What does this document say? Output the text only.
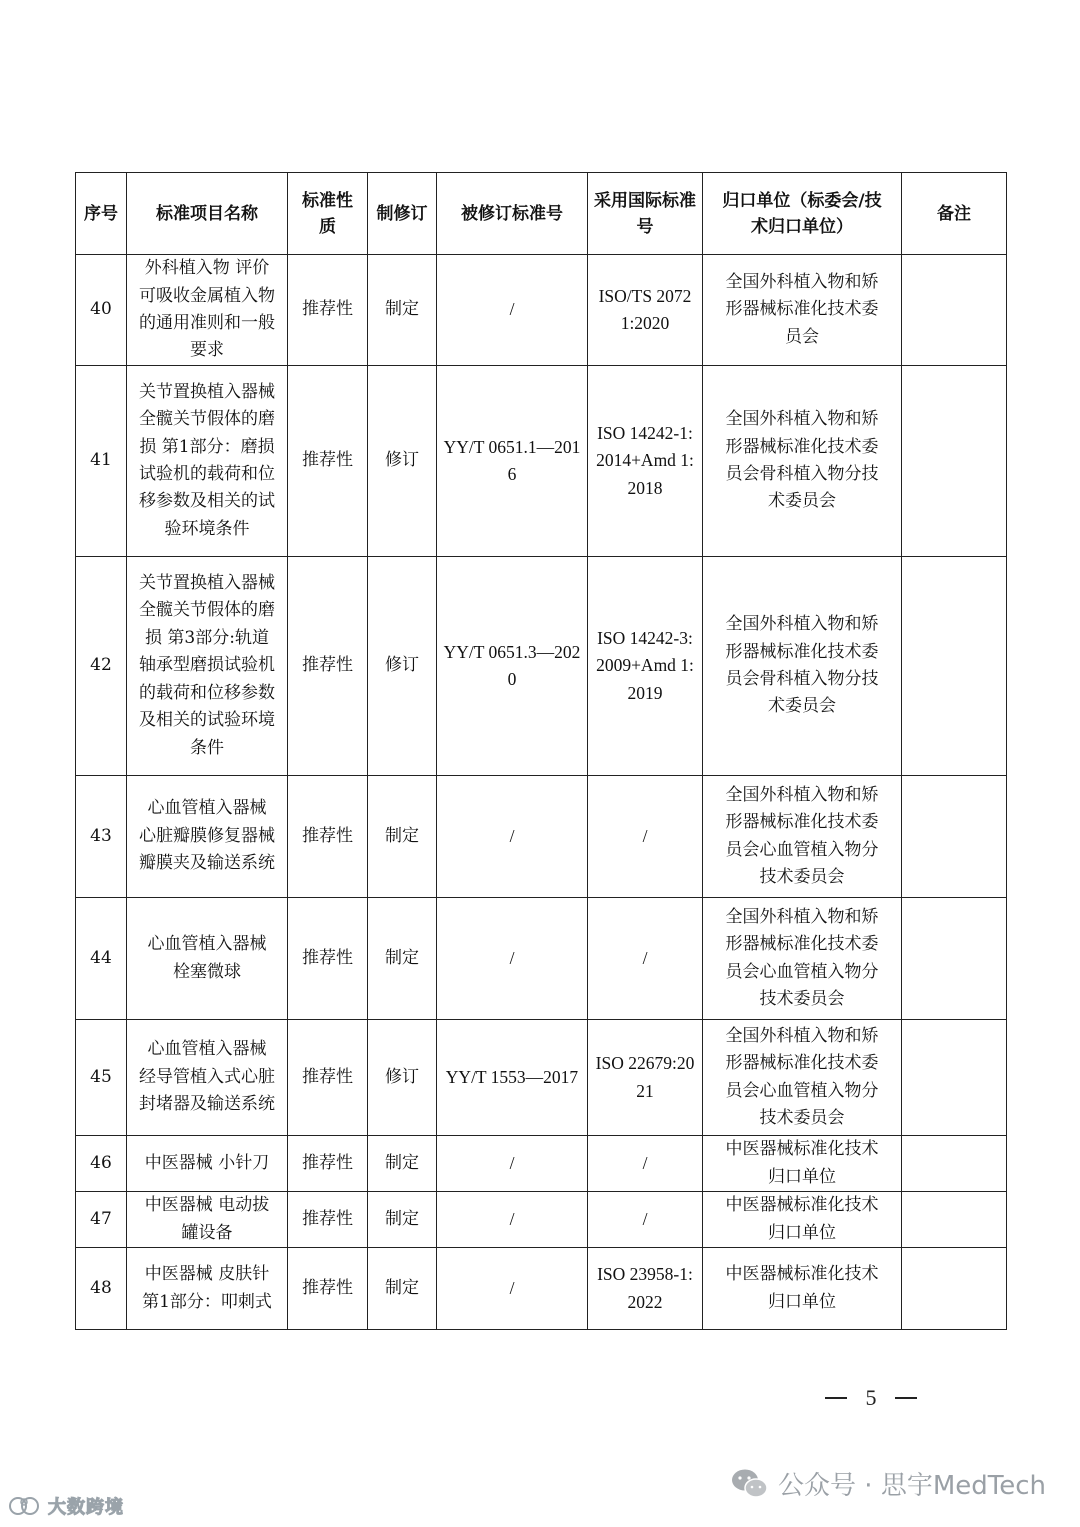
序号	标准项目名称	标准性质	制修订	被修订标准号	采用国际标准号	归口单位（标委会/技术归口单位）	备注
40	外科植入物 评价可吸收金属植入物的通用准则和一般要求	推荐性	制定	/	ISO/TS 20721:2020	全国外科植入物和矫形器械标准化技术委员会	
41	关节置换植入器械 全髋关节假体的磨损 第1部分：磨损试验机的载荷和位移参数及相关的试验环境条件	推荐性	修订	YY/T 0651.1—2016	ISO 14242-1:2014+Amd 1:2018	全国外科植入物和矫形器械标准化技术委员会骨科植入物分技术委员会	
42	关节置换植入器械 全髋关节假体的磨损 第3部分:轨道轴承型磨损试验机的载荷和位移参数及相关的试验环境条件	推荐性	修订	YY/T 0651.3—2020	ISO 14242-3:2009+Amd 1:2019	全国外科植入物和矫形器械标准化技术委员会骨科植入物分技术委员会	
43	心血管植入器械 心脏瓣膜修复器械 瓣膜夹及输送系统	推荐性	制定	/	/	全国外科植入物和矫形器械标准化技术委员会心血管植入物分技术委员会	
44	心血管植入器械 栓塞微球	推荐性	制定	/	/	全国外科植入物和矫形器械标准化技术委员会心血管植入物分技术委员会	
45	心血管植入器械 经导管植入式心脏封堵器及输送系统	推荐性	修订	YY/T 1553—2017	ISO 22679:2021	全国外科植入物和矫形器械标准化技术委员会心血管植入物分技术委员会	
46	中医器械 小针刀	推荐性	制定	/	/	中医器械标准化技术归口单位	
47	中医器械 电动拔罐设备	推荐性	制定	/	/	中医器械标准化技术归口单位	
48	中医器械 皮肤针 第1部分：叩刺式	推荐性	制定	/	ISO 23958-1:2022	中医器械标准化技术归口单位	
5
大数跨境
公众号 · 思宇MedTech
